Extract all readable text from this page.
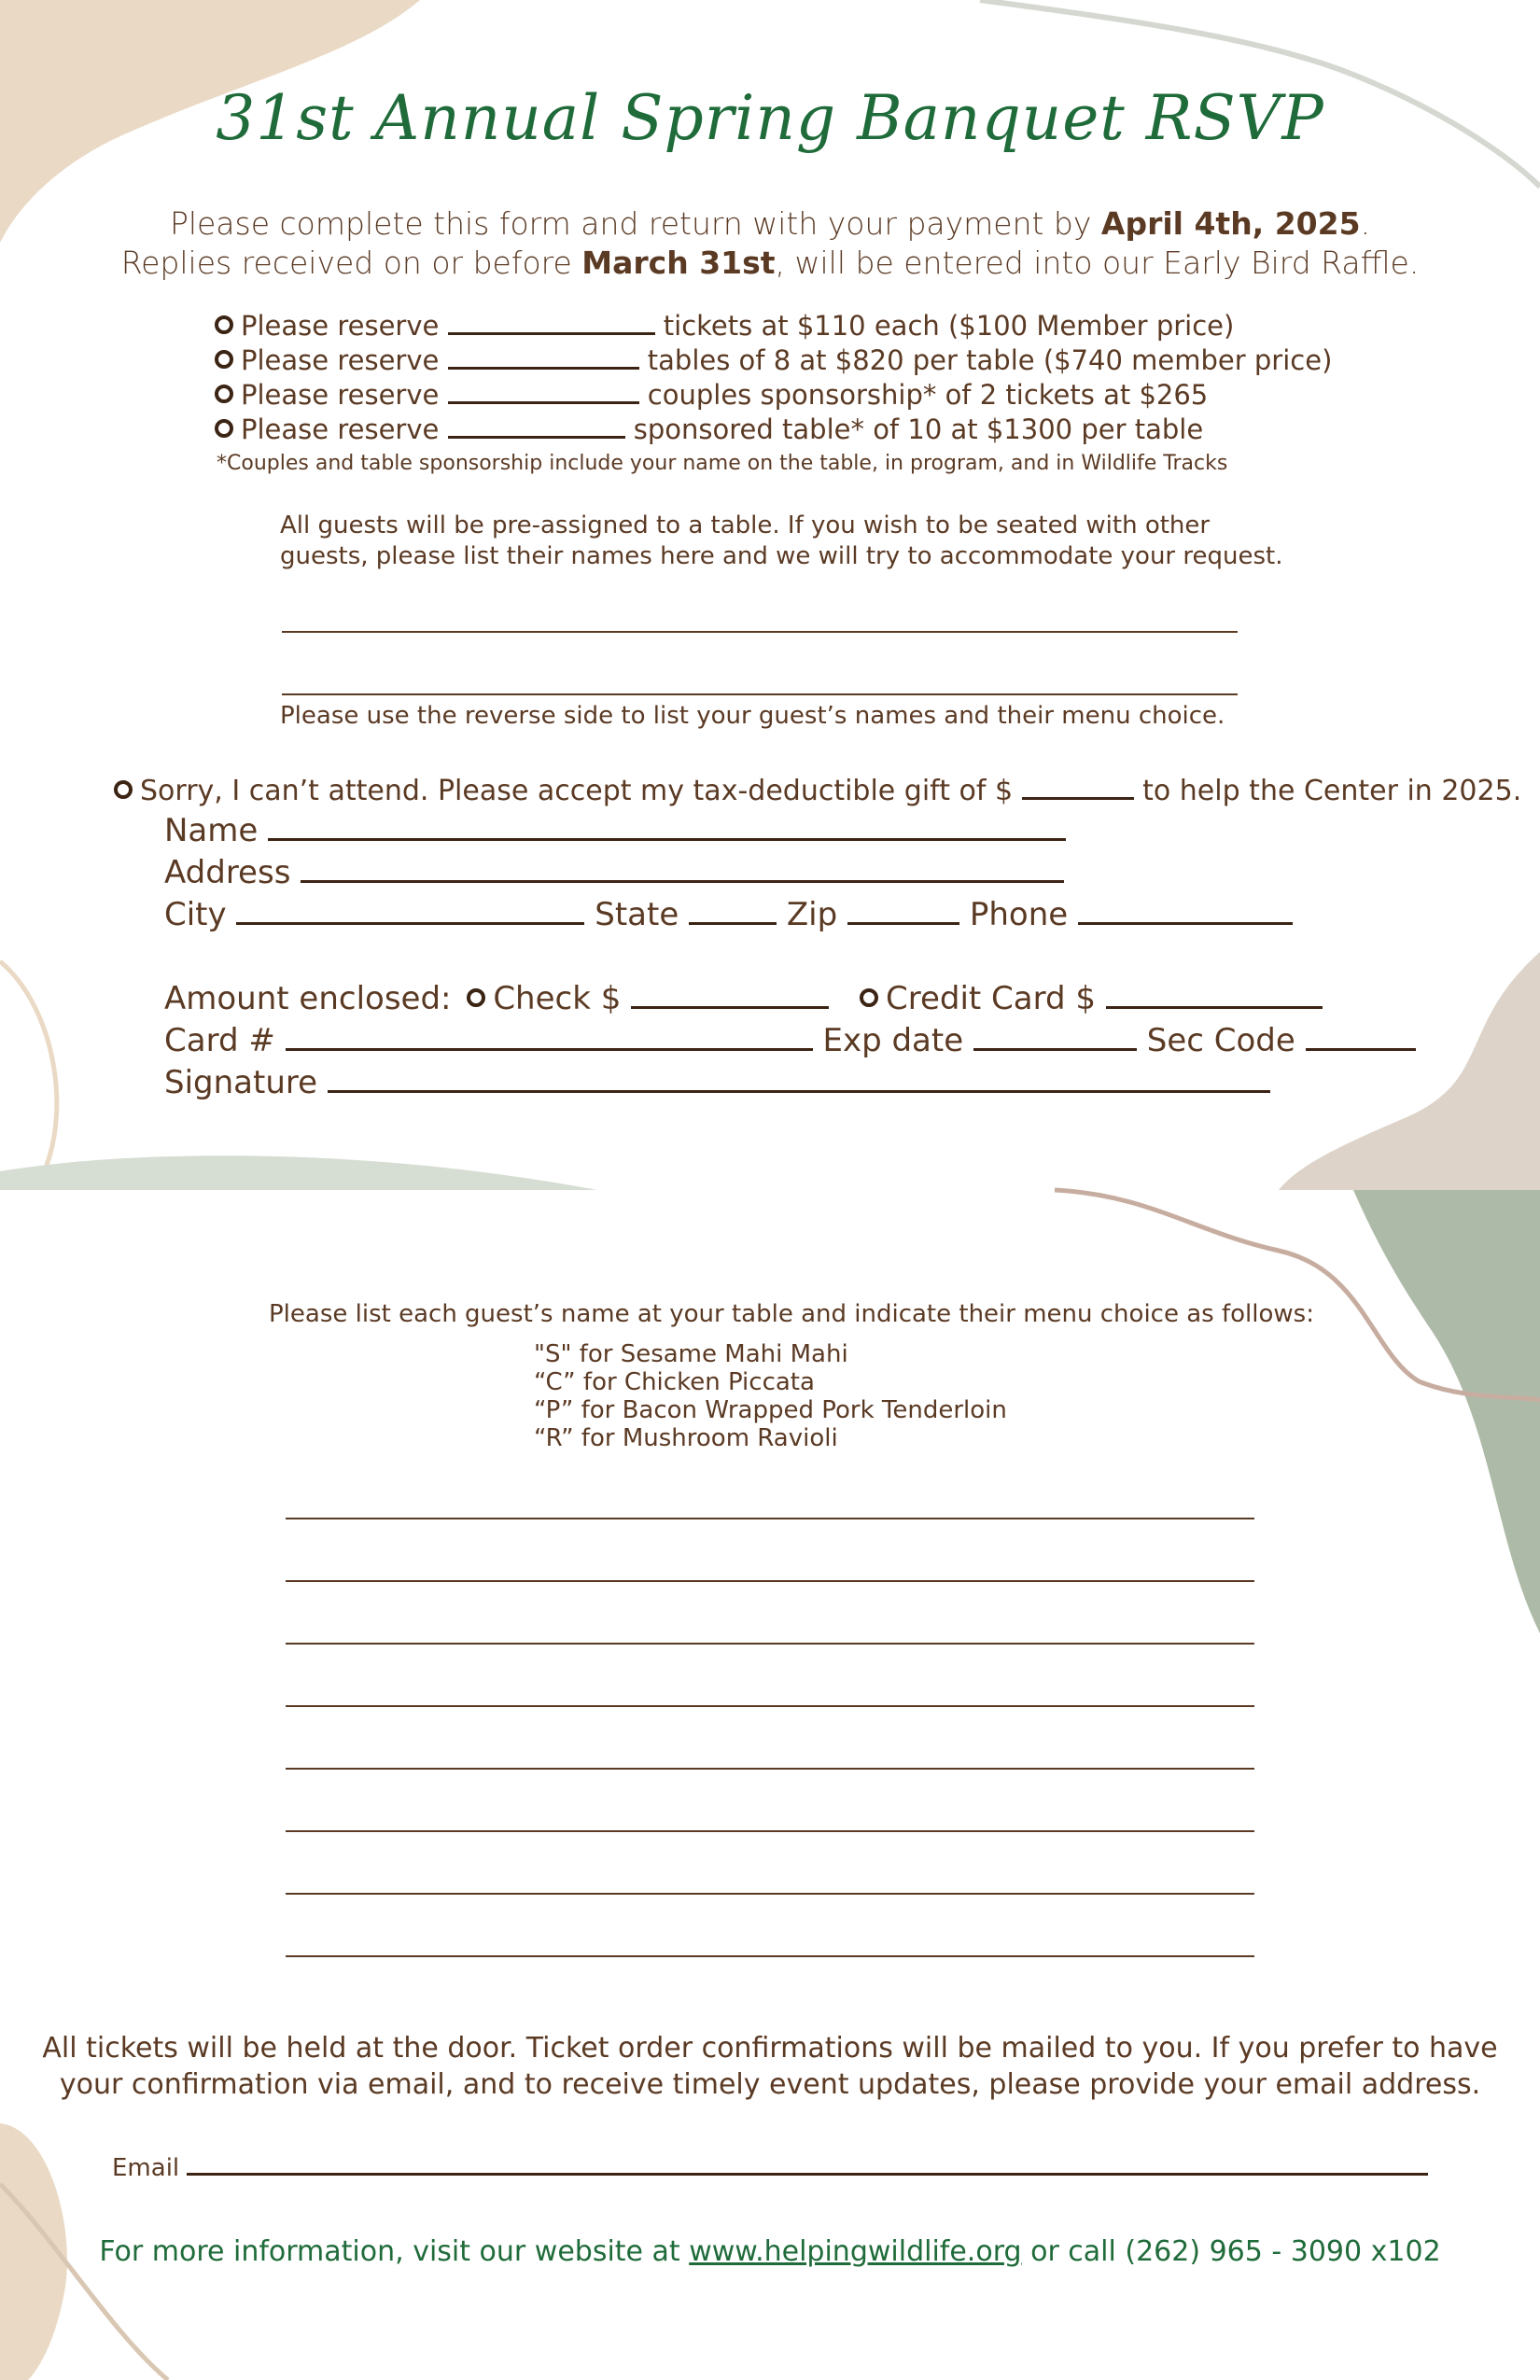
31st Annual Spring Banquet RSVP
Please complete this form and return with your payment by April 4th, 2025.
Replies received on or before March 31st, will be entered into our Early Bird Raffle.
Please reserve	tickets at $110 each ($100 Member price)
Please reserve	tables of 8 at $820 per table ($740 member price)
Please reserve	couples sponsorship* of 2 tickets at $265
Please reserve	sponsored table* of 10 at $1300 per table
*Couples and table sponsorship include your name on the table, in program, and in Wildlife Tracks
All guests will be pre-assigned to a table. If you wish to be seated with other
guests, please list their names here and we will try to accommodate your request.
Please use the reverse side to list your guest’s names and their menu choice.
Sorry, I can’t attend. Please accept my tax-deductible gift of $	to help the Center in 2025.
Name
Address
City	State	Zip	Phone
Amount enclosed: Check $	Credit Card $
Card #	Exp date	Sec Code
Signature
Please list each guest’s name at your table and indicate their menu choice as follows:
"S" for Sesame Mahi Mahi
“C” for Chicken Piccata
“P” for Bacon Wrapped Pork Tenderloin
“R” for Mushroom Ravioli
All tickets will be held at the door. Ticket order confirmations will be mailed to you. If you prefer to have
your confirmation via email, and to receive timely event updates, please provide your email address.
Email
For more information, visit our website at www.helpingwildlife.org or call (262) 965 - 3090 x102
